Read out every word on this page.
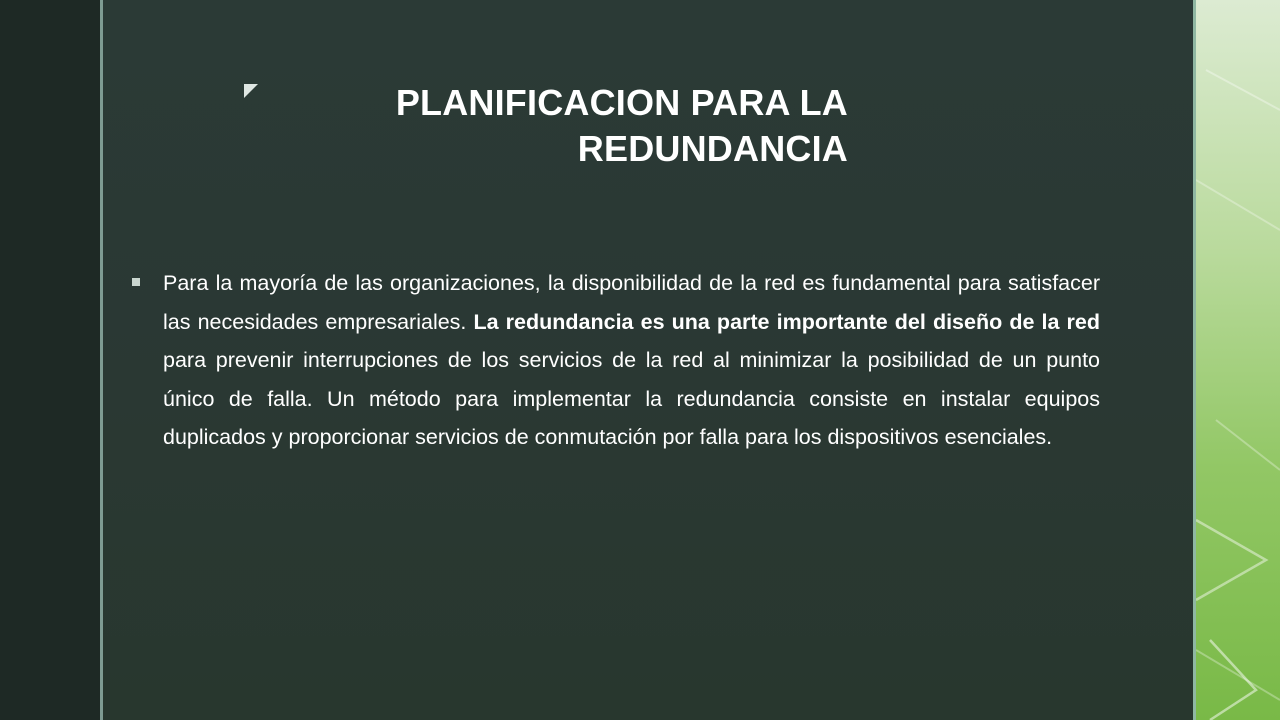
PLANIFICACION PARA LA REDUNDANCIA

Para la mayoría de las organizaciones, la disponibilidad de la red es fundamental para satisfacer las necesidades empresariales. La redundancia es una parte importante del diseño de la red para prevenir interrupciones de los servicios de la red al minimizar la posibilidad de un punto único de falla. Un método para implementar la redundancia consiste en instalar equipos duplicados y proporcionar servicios de conmutación por falla para los dispositivos esenciales.
